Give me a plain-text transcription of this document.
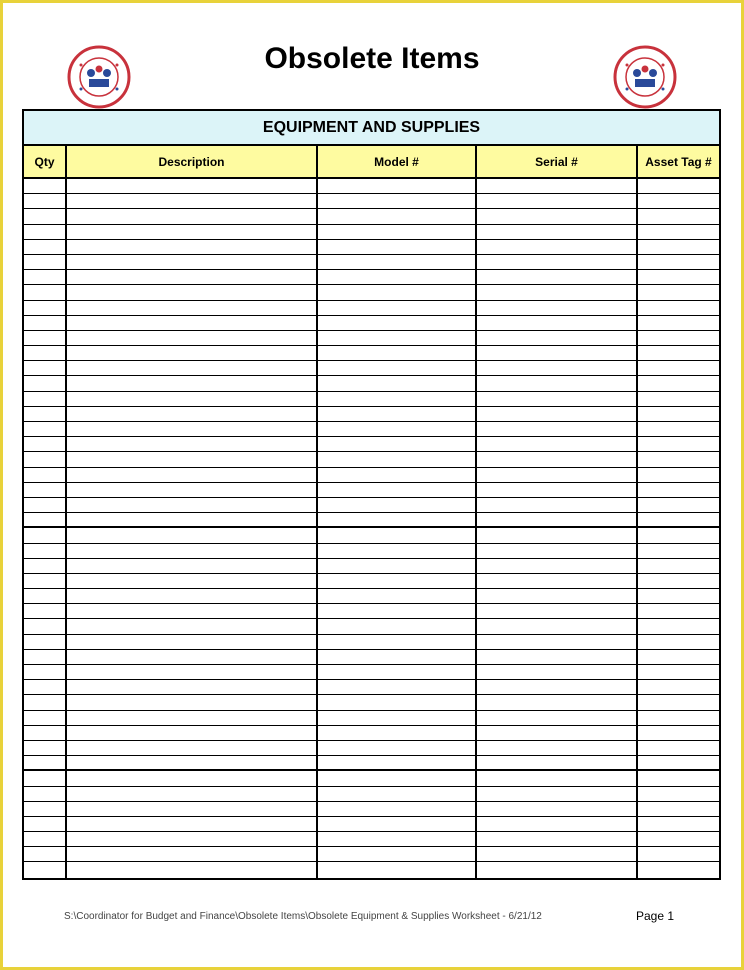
Obsolete Items
EQUIPMENT AND SUPPLIES
Qty	Description	Model #	Serial #	Asset Tag #
S:\Coordinator for Budget and Finance\Obsolete Items\Obsolete Equipment & Supplies Worksheet - 6/21/12	Page 1
